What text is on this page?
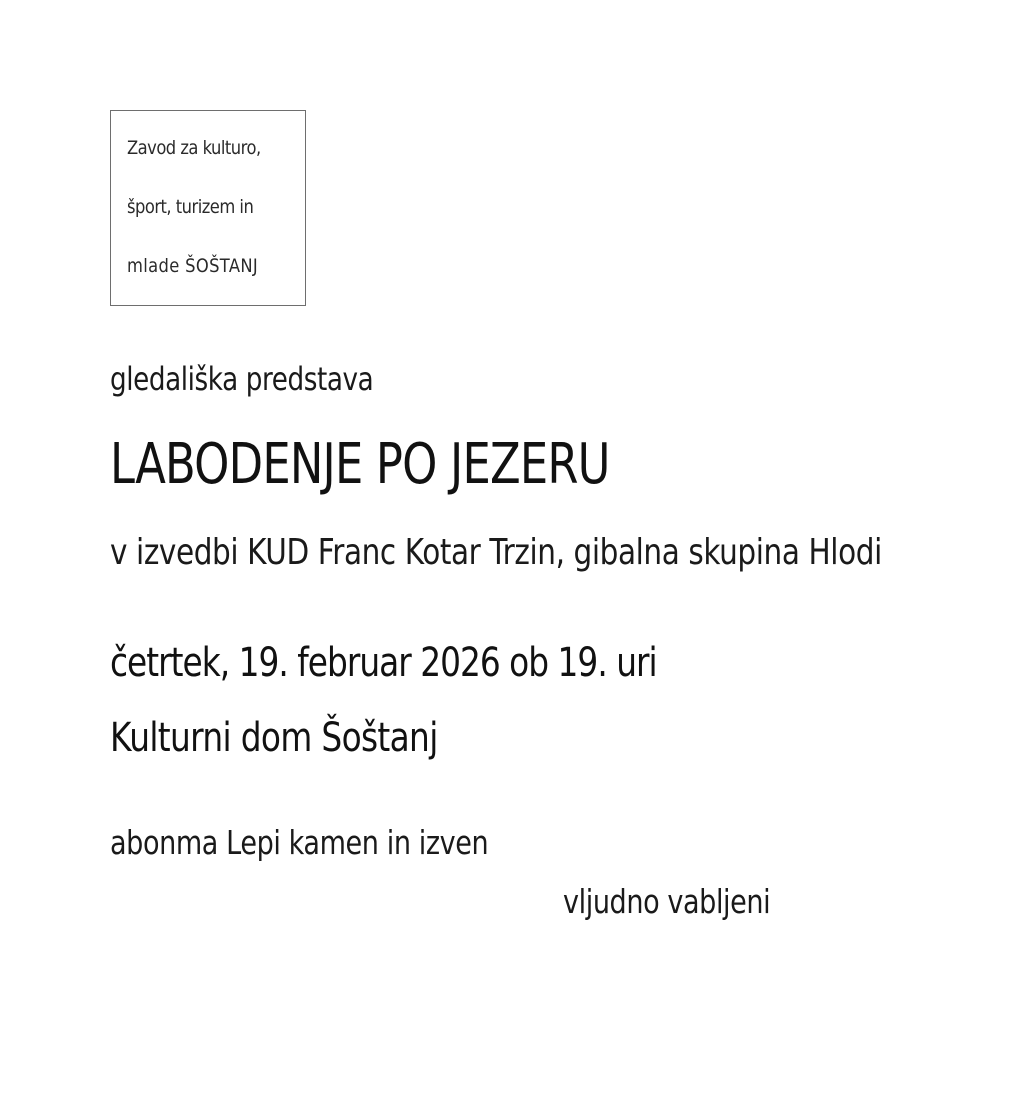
Zavod za kulturo,
šport, turizem in
mlade ŠOŠTANJ
gledališka predstava
LABODENJE PO JEZERU
v izvedbi KUD Franc Kotar Trzin, gibalna skupina Hlodi
četrtek, 19. februar 2026 ob 19. uri
Kulturni dom Šoštanj
abonma Lepi kamen in izven
vljudno vabljeni
